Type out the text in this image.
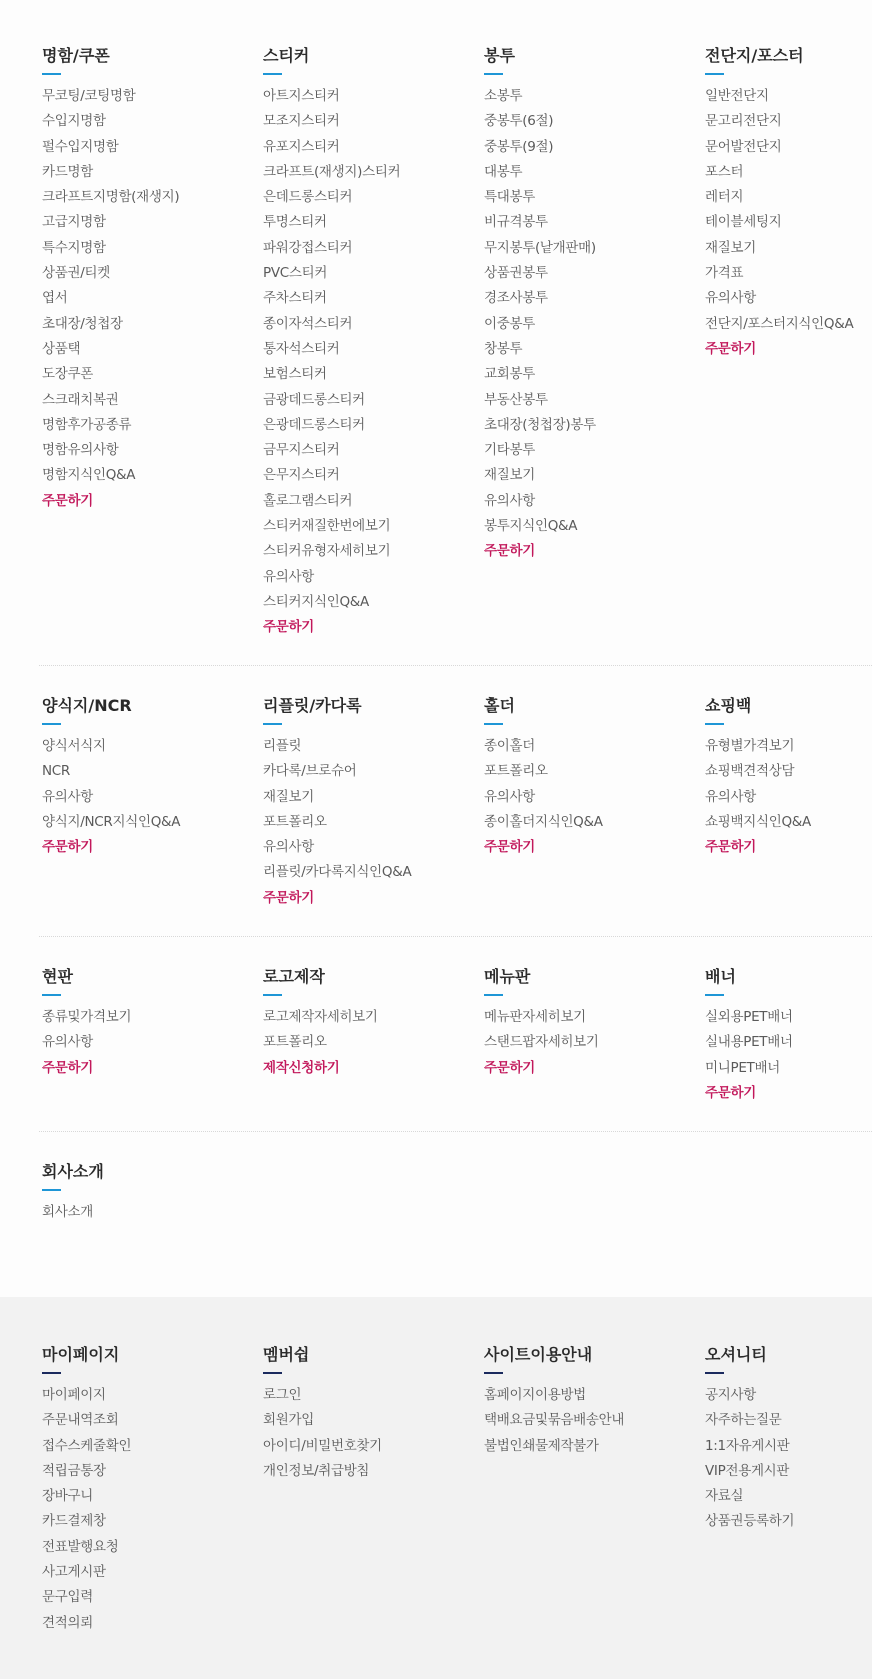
명함/쿠폰
무코팅/코팅명함
수입지명함
펄수입지명함
카드명함
크라프트지명함(재생지)
고급지명함
특수지명함
상품권/티켓
엽서
초대장/청첩장
상품택
도장쿠폰
스크래치복권
명함후가공종류
명함유의사항
명함지식인Q&A
주문하기
스티커
아트지스티커
모조지스티커
유포지스티커
크라프트(재생지)스티커
은데드롱스티커
투명스티커
파워강접스티커
PVC스티커
주차스티커
종이자석스티커
통자석스티커
보험스티커
금광데드롱스티커
은광데드롱스티커
금무지스티커
은무지스티커
홀로그램스티커
스티커재질한번에보기
스티커유형자세히보기
유의사항
스티커지식인Q&A
주문하기
봉투
소봉투
중봉투(6절)
중봉투(9절)
대봉투
특대봉투
비규격봉투
무지봉투(낱개판매)
상품권봉투
경조사봉투
이중봉투
창봉투
교회봉투
부동산봉투
초대장(청첩장)봉투
기타봉투
재질보기
유의사항
봉투지식인Q&A
주문하기
전단지/포스터
일반전단지
문고리전단지
문어발전단지
포스터
레터지
테이블세팅지
재질보기
가격표
유의사항
전단지/포스터지식인Q&A
주문하기
양식지/NCR
양식서식지
NCR
유의사항
양식지/NCR지식인Q&A
주문하기
리플릿/카다록
리플릿
카다록/브로슈어
재질보기
포트폴리오
유의사항
리플릿/카다록지식인Q&A
주문하기
홀더
종이홀더
포트폴리오
유의사항
종이홀더지식인Q&A
주문하기
쇼핑백
유형별가격보기
쇼핑백견적상담
유의사항
쇼핑백지식인Q&A
주문하기
현판
종류및가격보기
유의사항
주문하기
로고제작
로고제작자세히보기
포트폴리오
제작신청하기
메뉴판
메뉴판자세히보기
스탠드팝자세히보기
주문하기
배너
실외용PET배너
실내용PET배너
미니PET배너
주문하기
회사소개
회사소개
마이페이지
마이페이지
주문내역조회
접수스케줄확인
적립금통장
장바구니
카드결제창
전표발행요청
사고게시판
문구입력
견적의뢰
멤버쉽
로그인
회원가입
아이디/비밀번호찾기
개인정보/취급방침
사이트이용안내
홈페이지이용방법
택배요금및묶음배송안내
불법인쇄물제작불가
오셔니티
공지사항
자주하는질문
1:1자유게시판
VIP전용게시판
자료실
상품권등록하기
